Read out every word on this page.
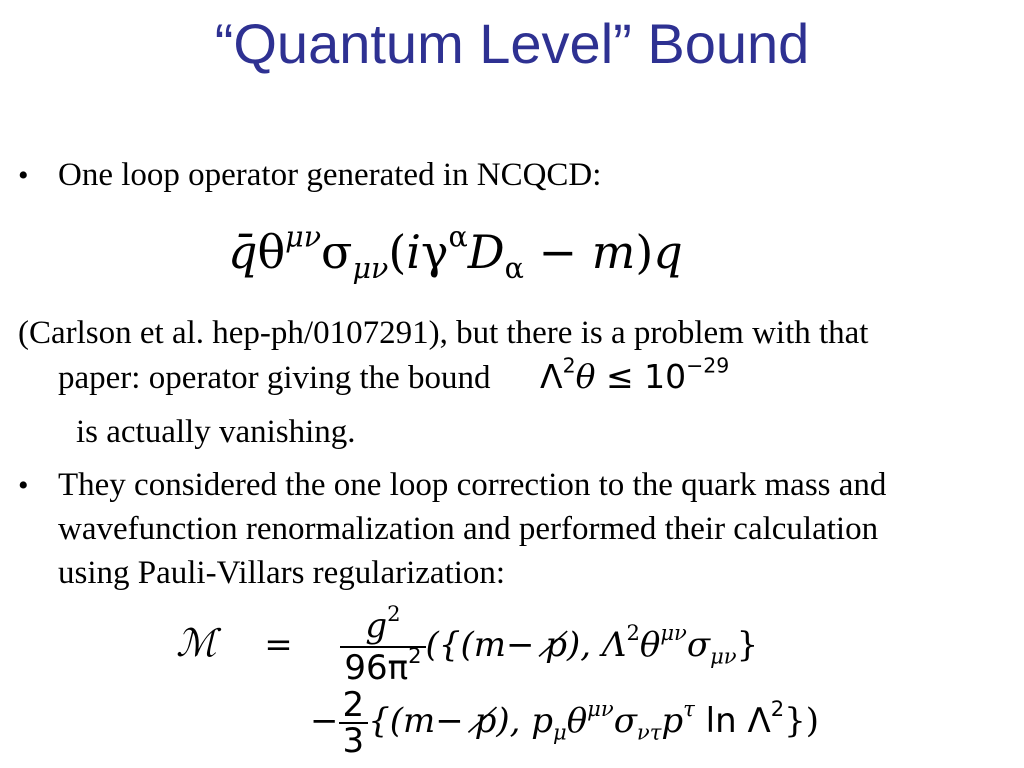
“Quantum Level” Bound
• One loop operator generated in NCQCD:
$q̄\theta^{\mu\nu}\sigma_{\mu\nu}(i\gamma^\alpha D_\alpha - m)q$
(Carlson et al. hep-ph/0107291), but there is a problem with that
paper: operator giving the bound $\Lambda^2\theta \le 10^{-29}$
is actually vanishing.
• They considered the one loop correction to the quark mass and
wavefunction renormalization and performed their calculation
using Pauli-Villars regularization:
ℳ = $\frac{g^2}{96\pi^2} (\{(m-$ p̸), $\Lambda^2\theta^{\mu\nu}\sigma_{\mu\nu}$}
− $\frac{2}{3} \{(m-$ p̸), $p_\mu\theta^{\mu\nu}\sigma_{\nu\tau}p^\tau$ $\ln \Lambda^2$})
